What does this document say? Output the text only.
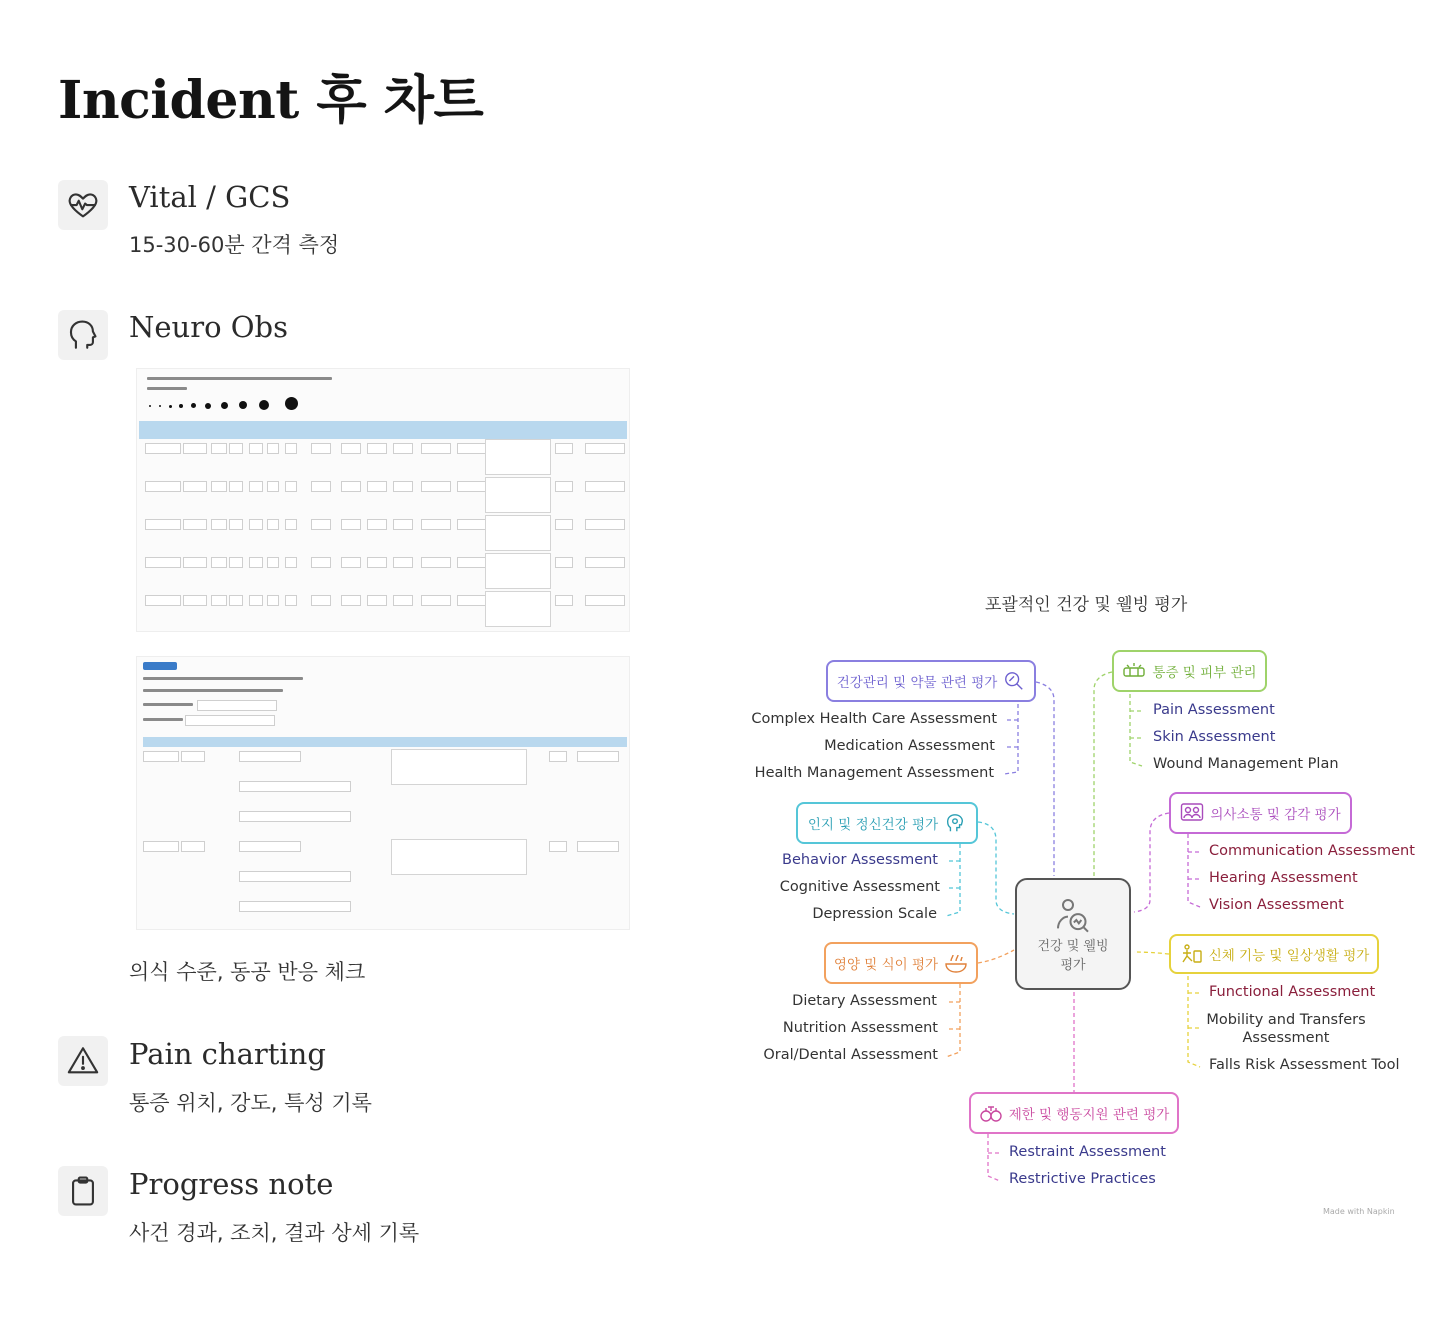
Incident 후 차트
Vital / GCS
15-30-60분 간격 측정
Neuro Obs
의식 수준, 동공 반응 체크
Pain charting
통증 위치, 강도, 특성 기록
Progress note
사건 경과, 조치, 결과 상세 기록
포괄적인 건강 및 웰빙 평가
건강 및 웰빙
평가
건강관리 및 약물 관련 평가
Complex Health Care Assessment
Medication Assessment
Health Management Assessment
통증 및 피부 관리
Pain Assessment
Skin Assessment
Wound Management Plan
인지 및 정신건강 평가
Behavior Assessment
Cognitive Assessment
Depression Scale
의사소통 및 감각 평가
Communication Assessment
Hearing Assessment
Vision Assessment
영양 및 식이 평가
Dietary Assessment
Nutrition Assessment
Oral/Dental Assessment
신체 기능 및 일상생활 평가
Functional Assessment
Mobility and Transfers Assessment
Falls Risk Assessment Tool
제한 및 행동지원 관련 평가
Restraint Assessment
Restrictive Practices
Made with Napkin
